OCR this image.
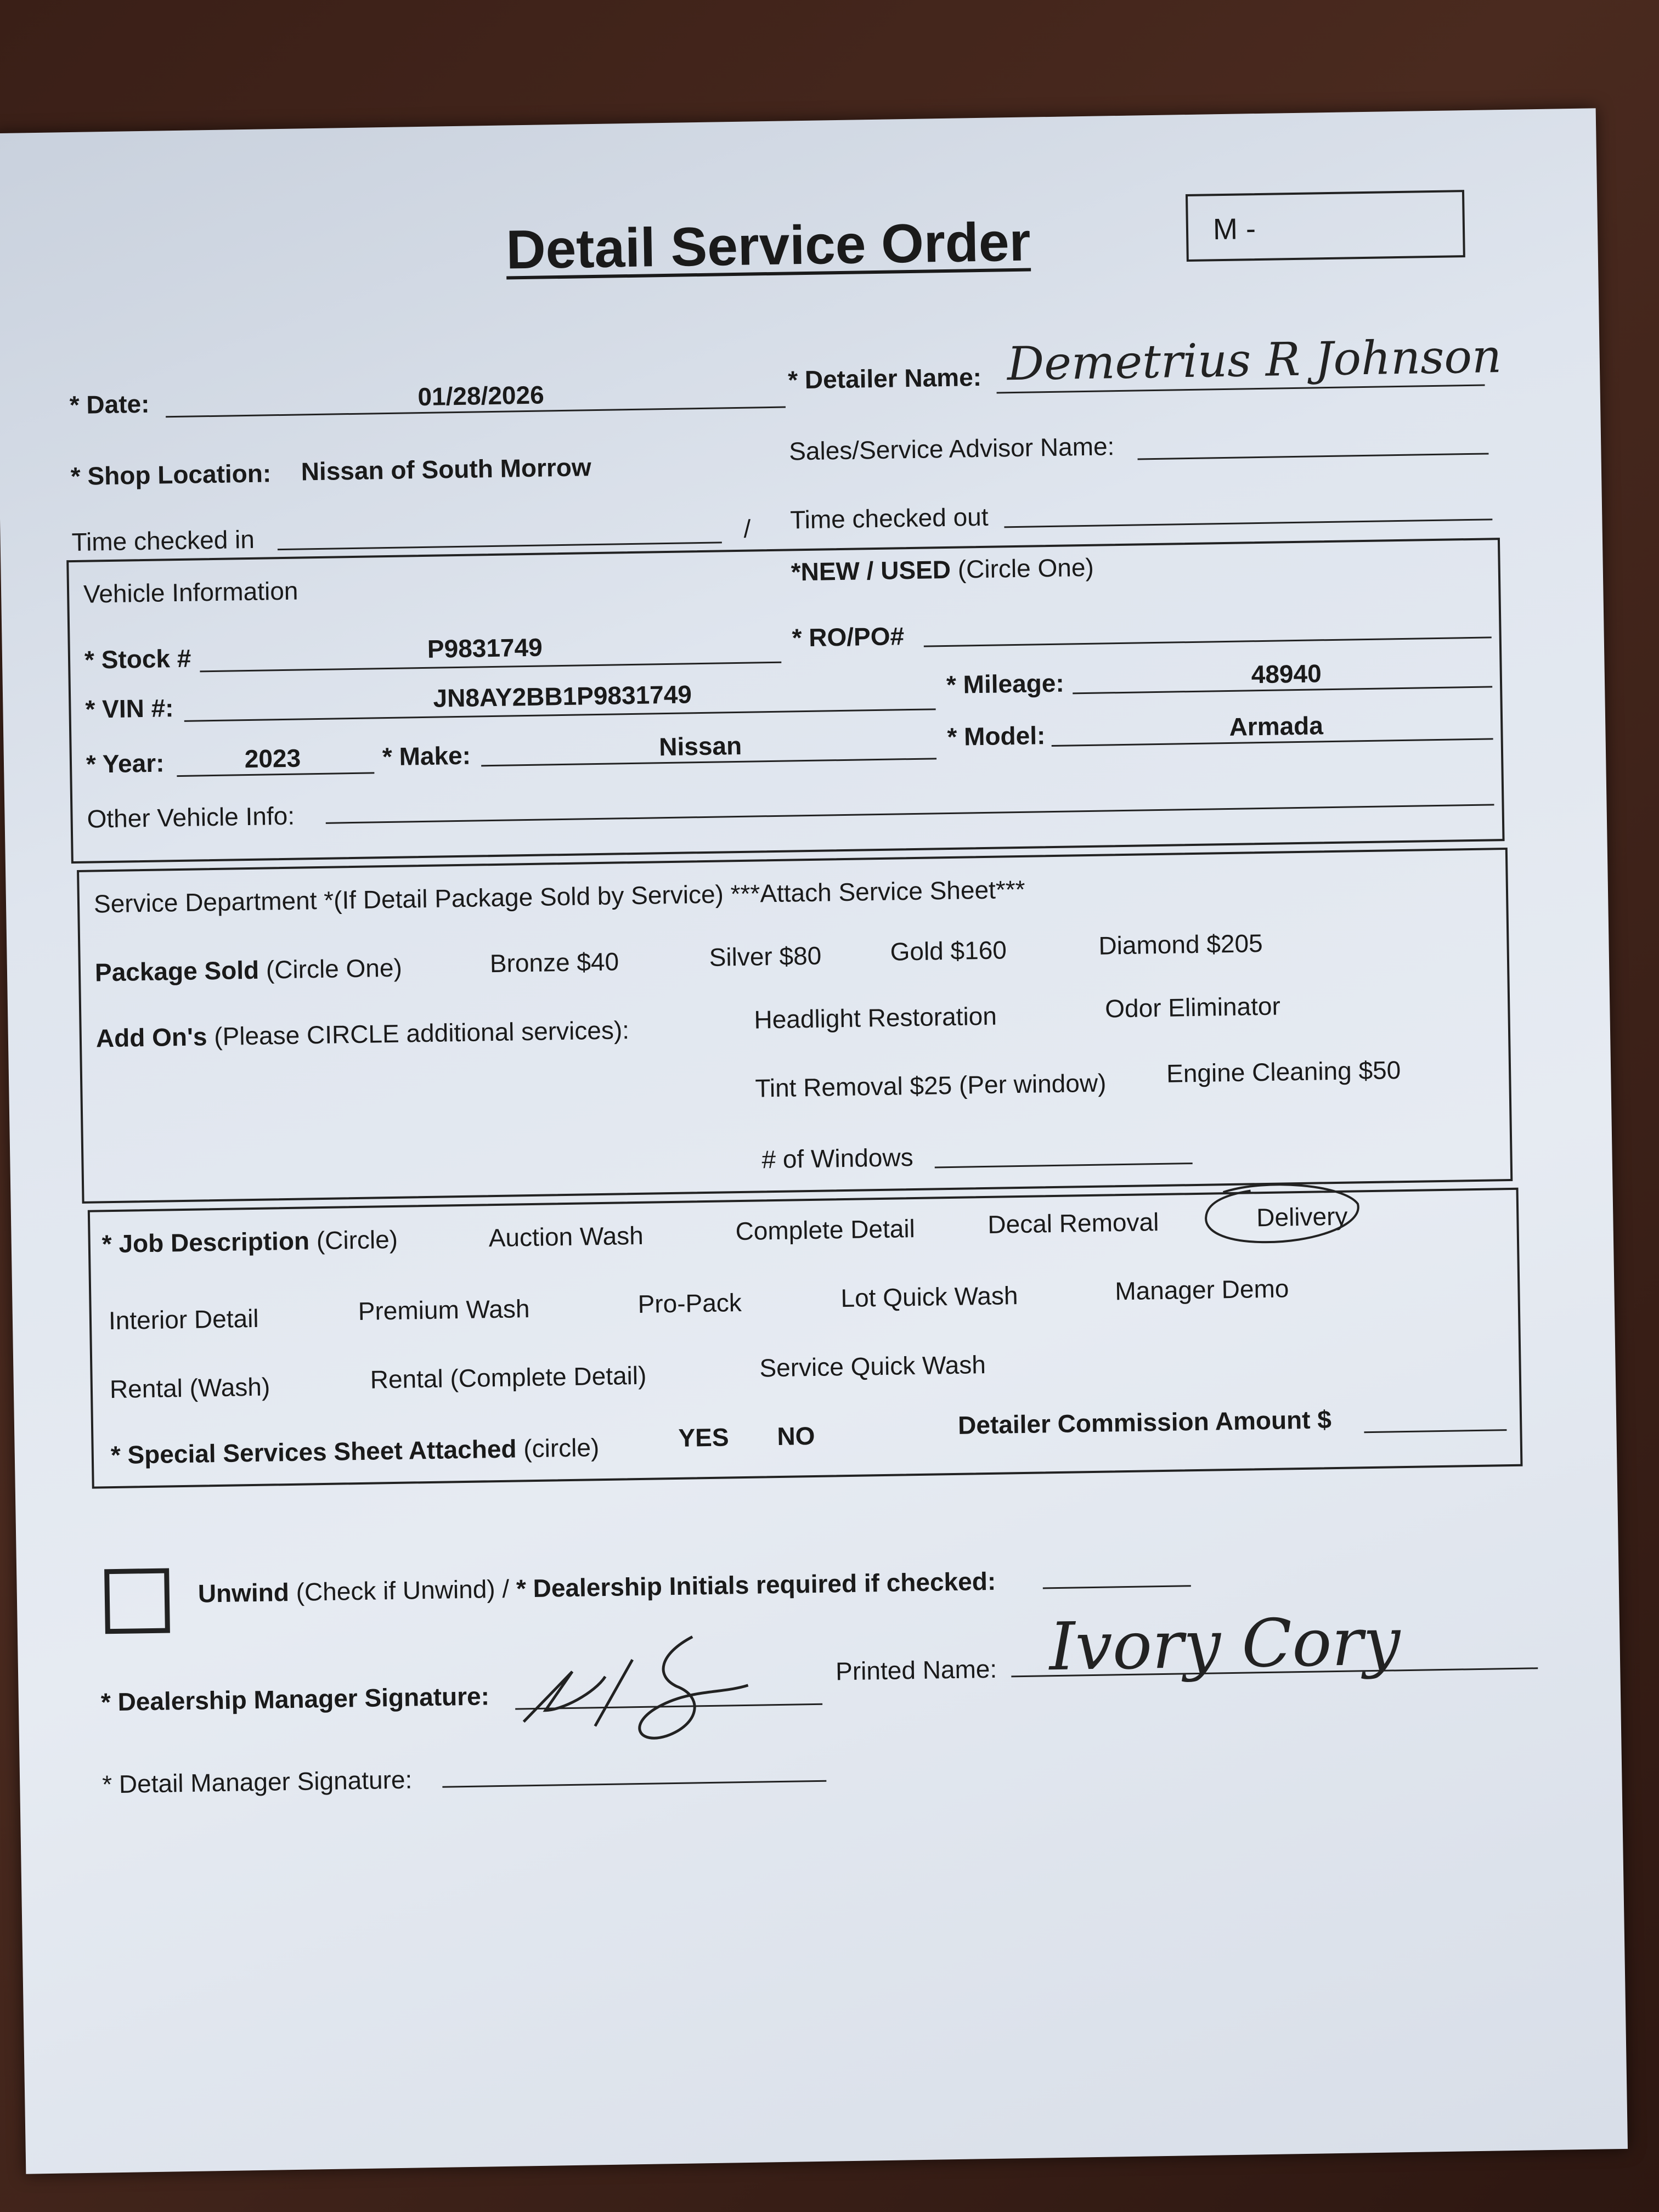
Detail Service Order	M -
* Date:	01/28/2026
* Detailer Name: Demetrius R Johnson
* Shop Location: Nissan of South Morrow
Sales/Service Advisor Name:
Time checked in	/ Time checked out
Vehicle Information
*NEW / USED (Circle One)
* Stock #	P9831749	* RO/PO#
* VIN #:	JN8AY2BB1P9831749	* Mileage:	48940
* Year:	2023	* Make:	Nissan	* Model:	Armada
Other Vehicle Info:
Service Department *(If Detail Package Sold by Service) ***Attach Service Sheet***
Package Sold (Circle One)	Bronze $40	Silver $80	Gold $160	Diamond $205
Add On's (Please CIRCLE additional services):	Headlight Restoration	Odor Eliminator
Tint Removal $25 (Per window) Engine Cleaning $50
# of Windows
* Job Description (Circle)	Auction Wash	Complete Detail	Decal Removal	Delivery
Interior Detail	Premium Wash	Pro-Pack	Lot Quick Wash	Manager Demo
Rental (Wash)	Rental (Complete Detail)	Service Quick Wash
* Special Services Sheet Attached (circle)	YES NO	Detailer Commission Amount $
Unwind (Check if Unwind) / * Dealership Initials required if checked:
* Dealership Manager Signature:
Printed Name: Ivory Cory
* Detail Manager Signature:
